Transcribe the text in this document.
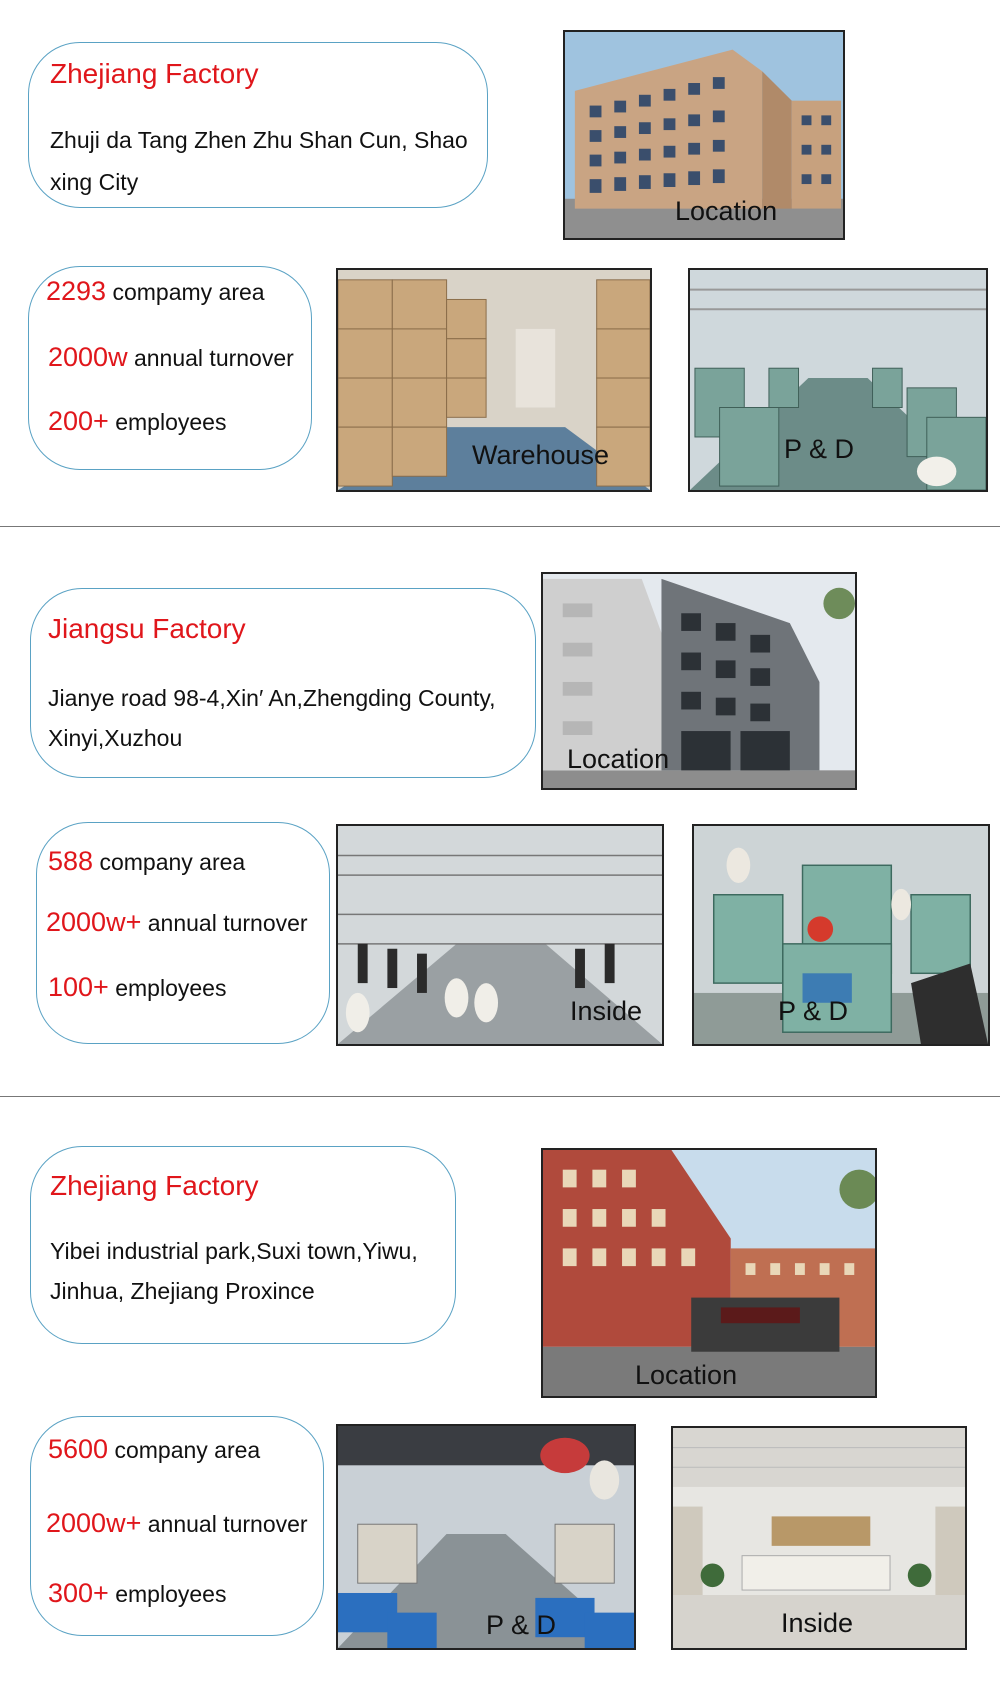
Zhejiang Factory
Zhuji da Tang Zhen Zhu Shan Cun, Shao
xing City
Location
2293 compamy area
2000w annual turnover
200+ employees
Warehouse	P & D
Jiangsu Factory
Jianye road 98-4,Xin′ An,Zhengding County,
Xinyi,Xuzhou
Location
588 company area
2000w+ annual turnover
100+ employees
Inside	P & D
Zhejiang Factory
Yibei industrial park,Suxi town,Yiwu,
Jinhua, Zhejiang Proxince
Location
5600 company area
2000w+ annual turnover
300+ employees
P & D	Inside
